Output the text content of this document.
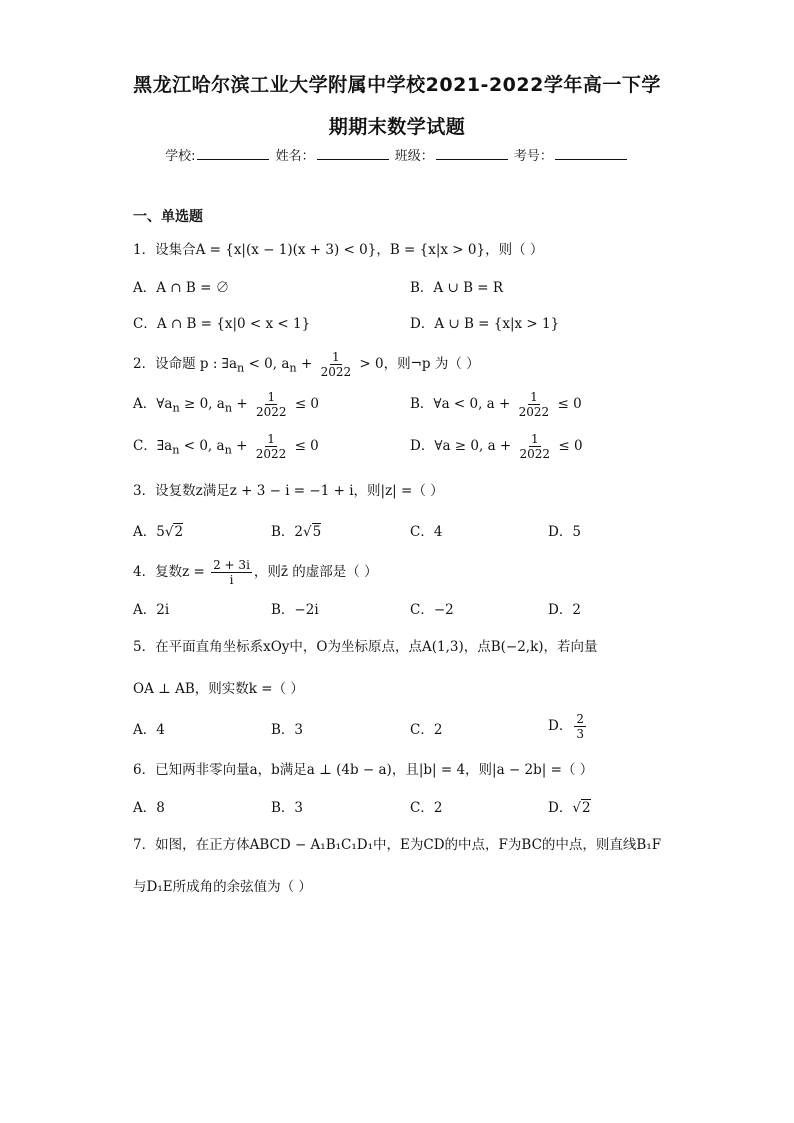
黑龙江哈尔滨工业大学附属中学校2021-2022学年高一下学
期期末数学试题
学校:	姓名：	班级：	考号：
一、单选题
1．设集合A = {x|(x − 1)(x + 3) < 0}，B = {x|x > 0}，则（ ）
A．A ∩ B = ∅	B．A ∪ B = R
C．A ∩ B = {x|0 < x < 1}	D．A ∪ B = {x|x > 1}
2．设命题 p : $\exists a_n < 0$, $a_n + \frac{1}{2022} > 0$，则¬p 为（ ）
A．$\forall a_n \ge 0$, $a_n + \frac{1}{2022} \le 0$	B．∀a < 0, $a + \frac{1}{2022} \le 0$
C．$\exists a_n < 0$, $a_n + \frac{1}{2022} \le 0$	D．∀a ≥ 0, $a + \frac{1}{2022} \le 0$
3．设复数z满足z + 3 − i = −1 + i，则|z| =（ ）
A．5√2	B．2√5	C．4	D．5
4．复数$z = \frac{2 + 3i}{i}$ ，则z̄ 的虚部是（ ）
A．2i	B．−2i	C．−2	D．2
5．在平面直角坐标系xOy中，O为坐标原点，点A(1,3)，点B(−2,k)，若向量
OA ⊥ AB，则实数k =（ ）
A．4	B．3	C．2	D． $\frac{2}{3}$
6．已知两非零向量a，b满足a ⊥ (4b − a)，且|b| = 4，则|a − 2b| =（ ）
A．8	B．3	C．2	D．√2
7．如图，在正方体ABCD − A₁B₁C₁D₁中，E为CD的中点，F为BC的中点，则直线B₁F
与D₁E所成角的余弦值为（ ）
